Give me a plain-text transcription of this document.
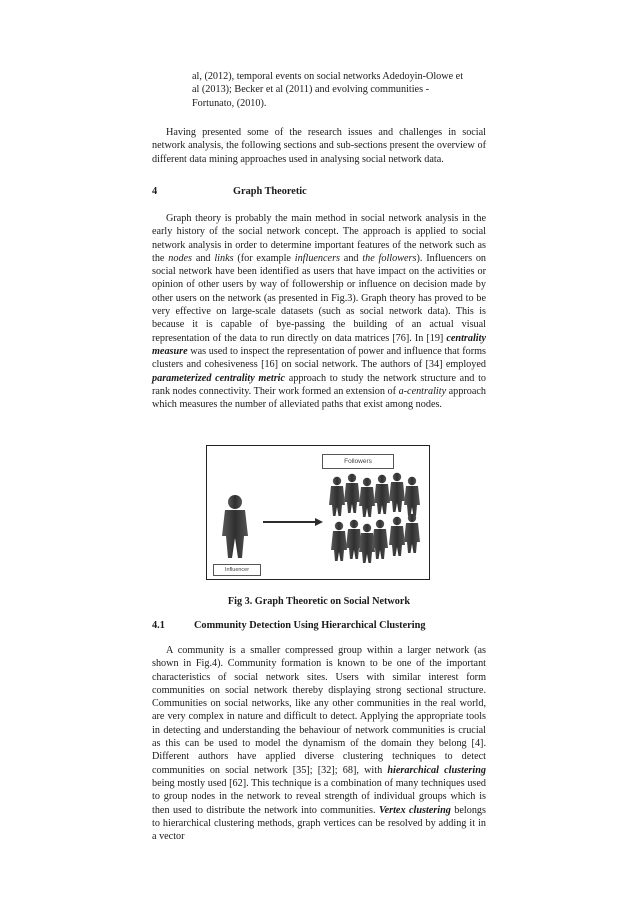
al, (2012), temporal events on social networks Adedoyin-Olowe et
al (2013); Becker et al (2011) and evolving communities -
Fortunato, (2010).

Having presented some of the research issues and challenges in social network analysis, the following sections and sub-sections present the overview of different data mining approaches used in analysing social network data.

4	Graph Theoretic

Graph theory is probably the main method in social network analysis in the early history of the social network concept. The approach is applied to social network analysis in order to determine important features of the network such as the nodes and links (for example influencers and the followers). Influencers on social network have been identified as users that have impact on the activities or opinion of other users by way of followership or influence on decision made by other users on the network (as presented in Fig.3). Graph theory has proved to be very effective on large-scale datasets (such as social network data). This is because it is capable of bye-passing the building of an actual visual representation of the data to run directly on data matrices [76]. In [19] centrality measure was used to inspect the representation of power and influence that forms clusters and cohesiveness [16] on social network. The authors of [34] employed parameterized centrality metric approach to study the network structure and to rank nodes connectivity. Their work formed an extension of a-centrality approach which measures the number of alleviated paths that exist among nodes.

Followers
Influencer
Fig 3. Graph Theoretic on Social Network
4.1	Community Detection Using Hierarchical Clustering

A community is a smaller compressed group within a larger network (as shown in Fig.4). Community formation is known to be one of the important characteristics of social network sites. Users with similar interest form communities on social network thereby displaying strong sectional structure. Communities on social networks, like any other communities in the real world, are very complex in nature and difficult to detect. Applying the appropriate tools in detecting and understanding the behaviour of network communities is crucial as this can be used to model the dynamism of the domain they belong [4]. Different authors have applied diverse clustering techniques to detect communities on social network [35]; [32]; 68], with hierarchical clustering being mostly used [62]. This technique is a combination of many techniques used to group nodes in the network to reveal strength of individual groups which is then used to distribute the network into communities. Vertex clustering belongs to hierarchical clustering methods, graph vertices can be resolved by adding it in a vector
